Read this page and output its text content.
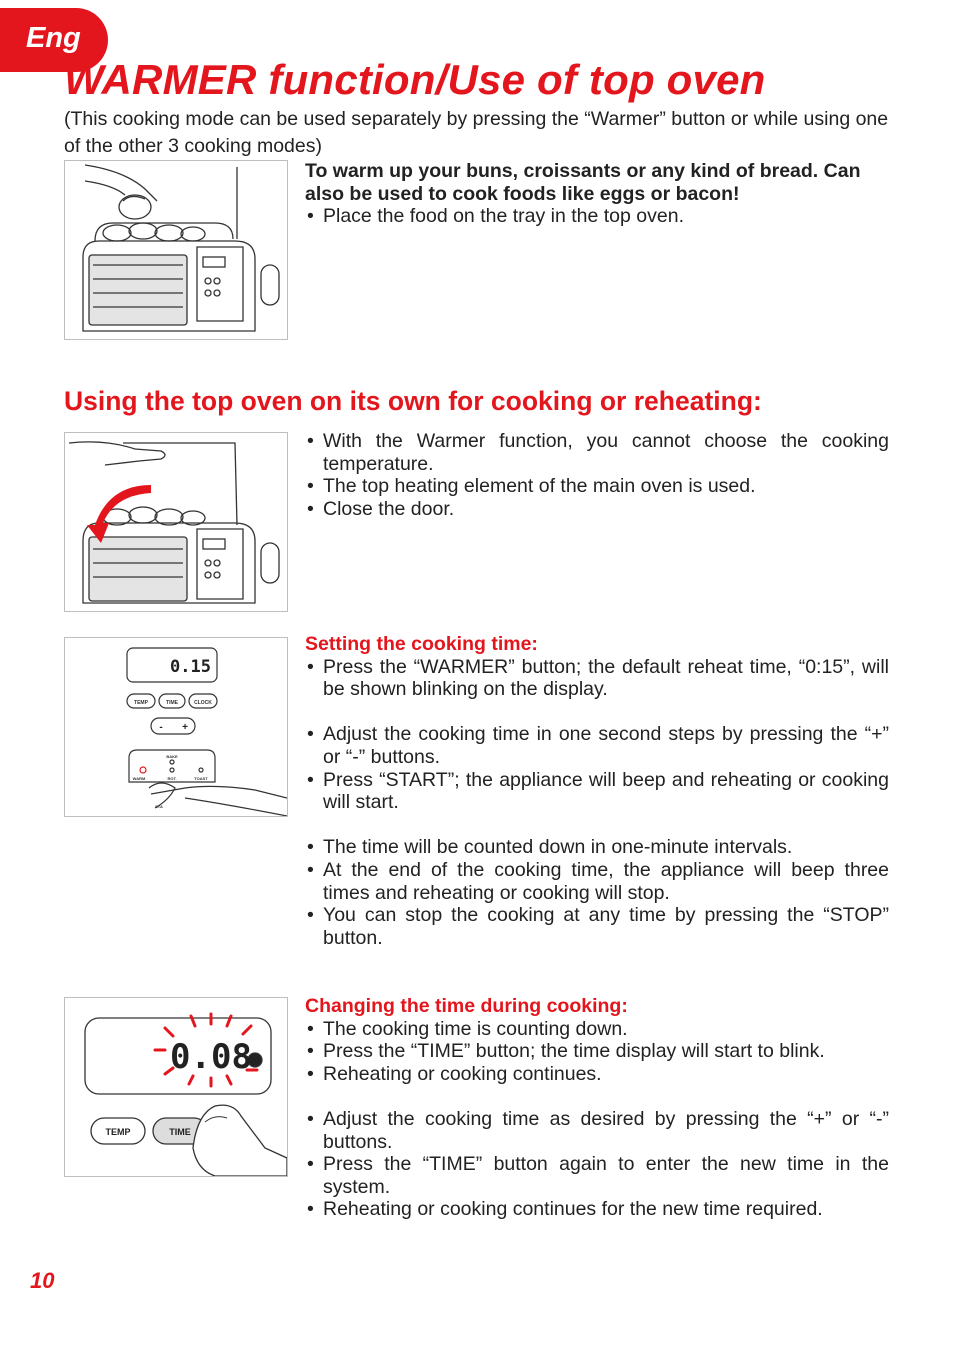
Eng
WARMER function/Use of top oven
(This cooking mode can be used separately by pressing the “Warmer” button or while using one of the other 3 cooking modes)

To warm up your buns, croissants or any kind of bread. Can also be used to cook foods like eggs or bacon!

• Place the food on the tray in the top oven.
Using the top oven on its own for cooking or reheating:
• With the Warmer function, you cannot choose the cooking temperature.
• The top heating element of the main oven is used.
• Close the door.
0.15
TEMP	TIME	CLOCK
- +
BAKE
WARM	ROT.	TOAST
STA

Setting the cooking time:

• Press the “WARMER” button; the default reheat time, “0:15”, will be shown blinking on the display.
• Adjust the cooking time in one second steps by pressing the “+” or “-” buttons.
• Press “START”; the appliance will beep and reheating or cooking will start.
• The time will be counted down in one-minute intervals.
• At the end of the cooking time, the appliance will beep three times and reheating or cooking will stop.
• You can stop the cooking at any time by pressing the “STOP” button.
0.08
TEMP	TIME

Changing the time during cooking:

• The cooking time is counting down.
• Press the “TIME” button; the time display will start to blink.
• Reheating or cooking continues.
• Adjust the cooking time as desired by pressing the “+” or “-” buttons.
• Press the “TIME” button again to enter the new time in the system.
• Reheating or cooking continues for the new time required.
10
